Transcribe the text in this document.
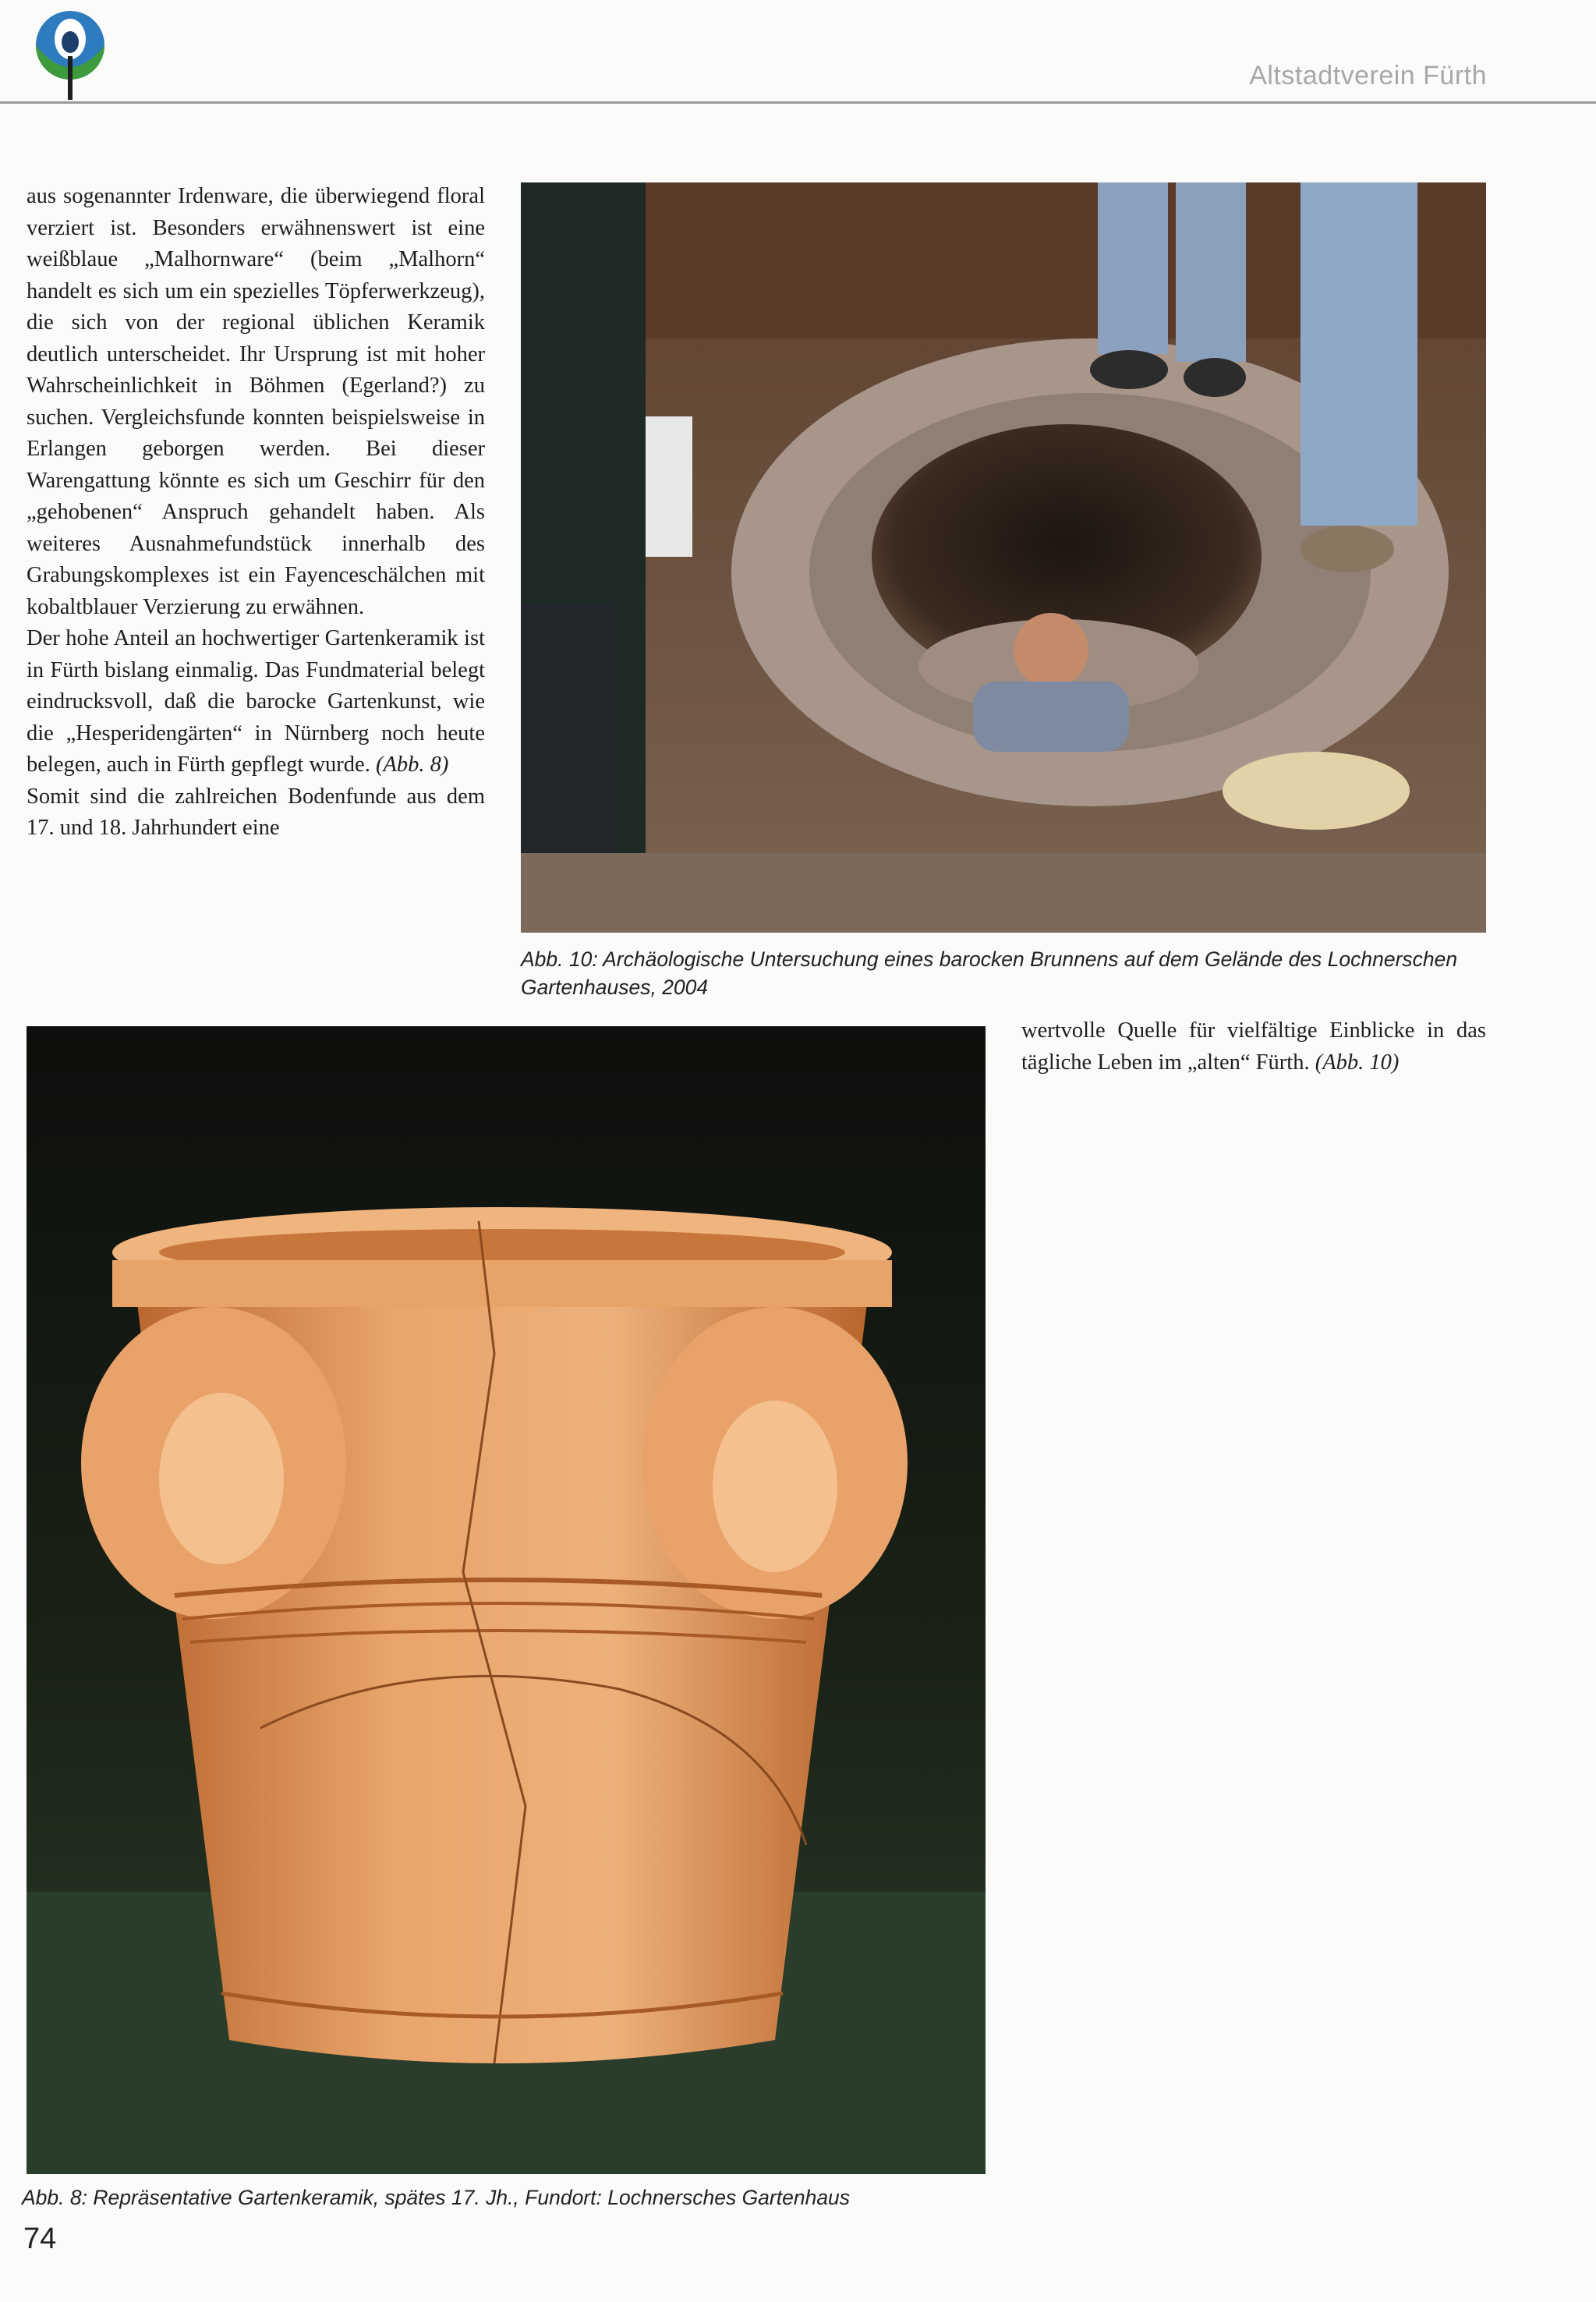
Altstadtverein Fürth

aus sogenannter Irdenware, die überwiegend floral verziert ist. Besonders erwähnenswert ist eine weißblaue „Malhornware“ (beim „Malhorn“ handelt es sich um ein spezielles Töpferwerkzeug), die sich von der regional üblichen Keramik deutlich unterscheidet. Ihr Ursprung ist mit hoher Wahrscheinlichkeit in Böhmen (Egerland?) zu suchen. Vergleichsfunde konnten beispielsweise in Erlangen geborgen werden. Bei dieser Warengattung könnte es sich um Geschirr für den „gehobenen“ Anspruch gehandelt haben. Als weiteres Ausnahmefundstück innerhalb des Grabungskomplexes ist ein Fayenceschälchen mit kobaltblauer Verzierung zu erwähnen.

Der hohe Anteil an hochwertiger Gartenkeramik ist in Fürth bislang einmalig. Das Fundmaterial belegt eindrucksvoll, daß die barocke Gartenkunst, wie die „Hesperidengärten“ in Nürnberg noch heute belegen, auch in Fürth gepflegt wurde. (Abb. 8)

Somit sind die zahlreichen Bodenfunde aus dem 17. und 18. Jahrhundert eine

Abb. 10: Archäologische Untersuchung eines barocken Brunnens auf dem Gelände des Lochnerschen Gartenhauses, 2004
Abb. 8: Repräsentative Gartenkeramik, spätes 17. Jh., Fundort: Lochnersches Gartenhaus

wertvolle Quelle für vielfältige Einblicke in das tägliche Leben im „alten“ Fürth. (Abb. 10)

74
